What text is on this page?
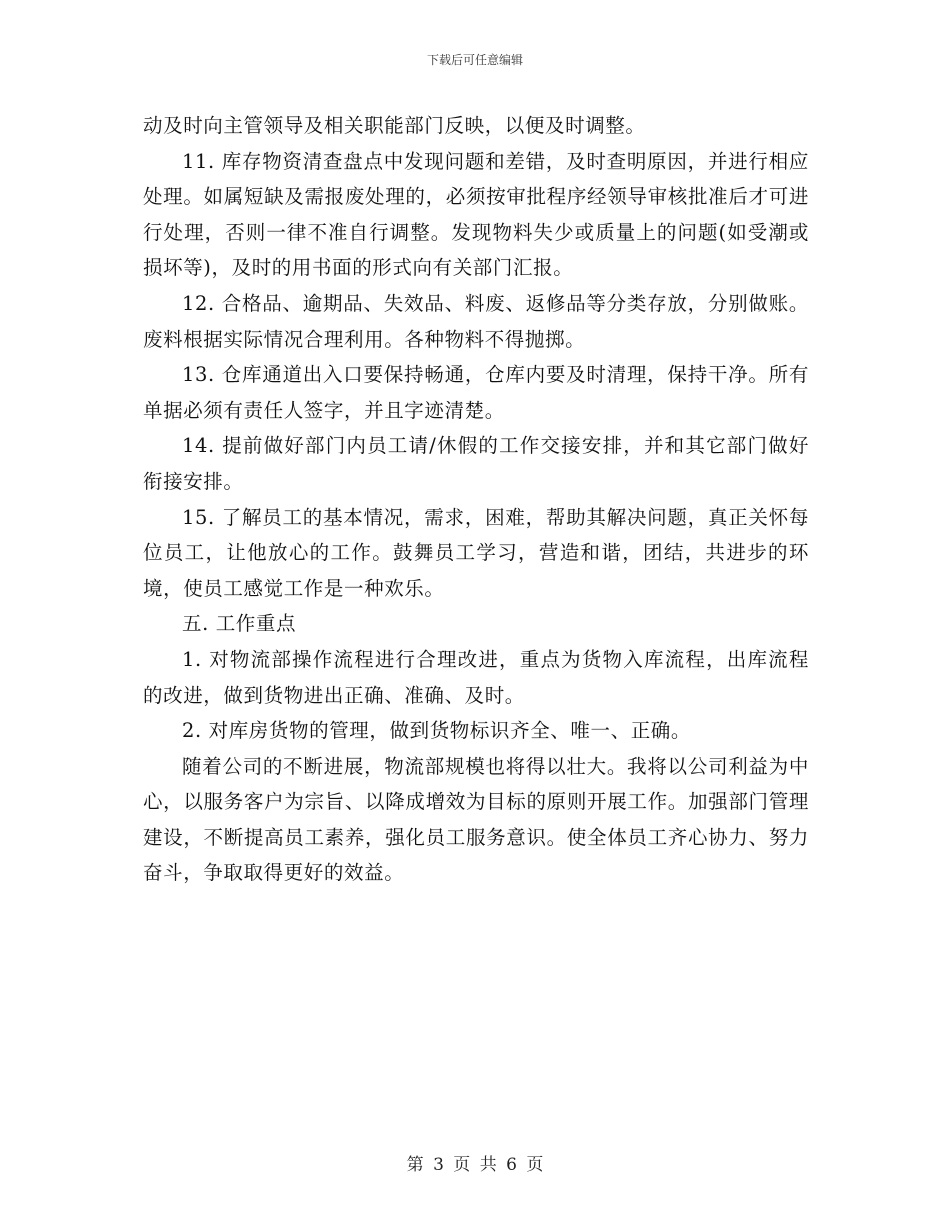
下载后可任意编辑

动及时向主管领导及相关职能部门反映，以便及时调整。

11. 库存物资清查盘点中发现问题和差错，及时查明原因，并进行相应处理。如属短缺及需报废处理的，必须按审批程序经领导审核批准后才可进行处理，否则一律不准自行调整。发现物料失少或质量上的问题(如受潮或损坏等)，及时的用书面的形式向有关部门汇报。

12. 合格品、逾期品、失效品、料废、返修品等分类存放，分别做账。废料根据实际情况合理利用。各种物料不得抛掷。

13. 仓库通道出入口要保持畅通，仓库内要及时清理，保持干净。所有单据必须有责任人签字，并且字迹清楚。

14. 提前做好部门内员工请/休假的工作交接安排，并和其它部门做好衔接安排。

15. 了解员工的基本情况，需求，困难，帮助其解决问题，真正关怀每位员工，让他放心的工作。鼓舞员工学习，营造和谐，团结，共进步的环境，使员工感觉工作是一种欢乐。

五. 工作重点

1. 对物流部操作流程进行合理改进，重点为货物入库流程，出库流程的改进，做到货物进出正确、准确、及时。

2. 对库房货物的管理，做到货物标识齐全、唯一、正确。

随着公司的不断进展，物流部规模也将得以壮大。我将以公司利益为中心，以服务客户为宗旨、以降成增效为目标的原则开展工作。加强部门管理建设，不断提高员工素养，强化员工服务意识。使全体员工齐心协力、努力奋斗，争取取得更好的效益。

第 3 页 共 6 页
